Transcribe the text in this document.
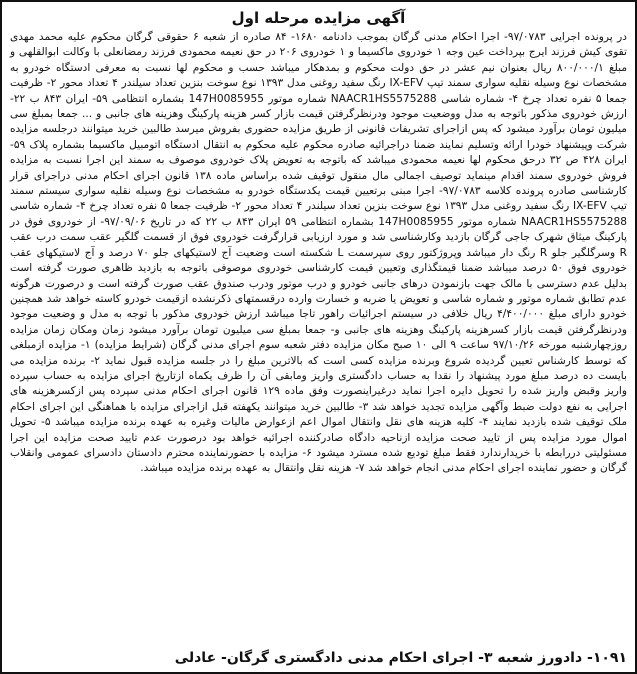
آگهی مزایده مرحله اول

در پرونده اجرایی ۹۷/۰۷۸۳- اجرا احکام مدنی گرگان بموجب دادنامه ۱۶۸۰- ۸۴ صادره از شعبه ۶ حقوقی گرگان محکوم علیه محمد مهدی تقوی کیش فرزند ایرج بپرداخت عین وجه ۱ خودروی ماکسیما و ۱ خودروی ۲۰۶ در حق نعیمه محمودی فرزند رمضانعلی با وکالت ابوالقلهی و مبلغ ۸۰۰/۰۰۰/۱ ریال بعنوان نیم عشر در حق دولت محکوم و بمدهکار میباشد حسب و محکوم لها نسبت به معرفی ادستگاه خودرو به مشخصات نوع وسیله نقلیه سواری سمند تیپ IX-EFV رنگ سفید روغنی مدل ۱۳۹۳ نوع سوخت بنزین تعداد سیلندر ۴ تعداد محور ۲- ظرفیت جمعا ۵ نفره تعداد چرخ ۴- شماره شاسی NAACR1HS5575288 شماره موتور 147H0085955 بشماره انتظامی ۵۹- ایران ۸۴۳ ب ۲۲- ارزش خودروی مذکور باتوجه به مدل ووضعیت موجود ودرنظرگرفتن قیمت بازار کسر هزینه پارکینگ وهزینه های جانبی و ... جمعا بمبلغ سی میلیون تومان برآورد میشود که پس ازاجرای تشریفات قانونی از طریق مزایده حضوری بفروش میرسد طالبین خرید میتوانند درجلسه مزایده شرکت وپیشنهاد خودرا ارائه وتسلیم نمایند ضمنا دراجرائیه صادره محکوم علیه محکوم به انتقال ادستگاه اتومبیل ماکسیما بشماره پلاک ۵۹- ایران ۴۲۸ ص ۳۲ درحق محکوم لها نعیمه محمودی میباشد که باتوجه به تعویض پلاک خودروی موصوف به سمند این اجرا نسبت به مزایده فروش خودروی سمند اقدام مینماید توصیف اجمالی مال منقول توقیف شده براساس ماده ۱۳۸ قانون اجرای احکام مدنی دراجرای قرار کارشناسی صادره پرونده کلاسه ۹۷/۰۷۸۳- اجرا مبنی برتعیین قیمت یکدستگاه خودرو به مشخصات نوع وسیله نقلیه سواری سیستم سمند تیپ IX-EFV رنگ سفید روغنی مدل ۱۳۹۳ نوع سوخت بنزین تعداد سیلندر ۴ تعداد محور ۲- ظرفیت جمعا ۵ نفره تعداد چرخ ۴- شماره شاسی NAACR1HS5575288 شماره موتور 147H0085955 بشماره انتظامی ۵۹ ایران ۸۴۳ ب ۲۲ که در تاریخ ۹۷/۰۹/۰۶- از خودروی فوق در پارکینگ میثاق شهرک جاجی گرگان بازدید وکارشناسی شد و مورد ارزیابی قرارگرفت خودروی فوق از قسمت گلگیر عقب سمت درب عقب R وسرگلگیر جلو R رنگ دار میباشد وپروژکتور روی سپرسمت L شکسته است وضعیت آج لاستیکهای جلو ۷۰ درصد و آج لاستیکهای عقب خودروی فوق ۵۰ درصد میباشد ضمنا قیمتگذاری وتعیین قیمت کارشناسی خودروی موصوفی باتوجه به بازدید ظاهری صورت گرفته است بدلیل عدم دسترسی با مالک جهت بازنمودن درهای جانبی خودرو و درب موتور ودرب صندوق عقب صورت گرفته است و درصورت هرگونه عدم تطابق شماره موتور و شماره شاسی و تعویض یا ضربه و خسارت وارده درقسمتهای ذکرنشده ازقیمت خودرو کاسته خواهد شد همچنین خودرو دارای مبلغ ۴/۴۰۰/۰۰۰ ریال خلافی در سیستم اجرائیات راهور تاجا میباشد ارزش خودروی مذکور با توجه به مدل و وضعیت موجود ودرنظرگرفتن قیمت بازار کسرهزینه پارکینگ وهزینه های جانبی و- جمعا بمبلغ سی میلیون تومان برآورد میشود زمان ومکان زمان مزایده روزچهارشنبه مورخه ۹۷/۱۰/۲۶ ساعت ۹ الی ۱۰ صبح مکان مزایده دفتر شعبه سوم اجرای مدنی گرگان (شرایط مزایده) ۱- مزایده ازمبلغی که توسط کارشناس تعیین گردیده شروع وبرنده مزایده کسی است که بالاترین مبلغ را در جلسه مزایده قبول نماید ۲- برنده مزایده می بایست ده درصد مبلغ مورد پیشنهاد را نقدا به حساب دادگستری واریز ومابقی آن را ظرف یکماه ازتاریخ اجرای مزایده به حساب سپرده واریز وقبض واریز شده را تحویل دایره اجرا نماید درغیراینصورت وفق ماده ۱۲۹ قانون اجرای احکام مدنی سپرده پس ازکسرهزینه های اجرایی به نفع دولت ضبط وآگهی مزایده تجدید خواهد شد ۳- طالبین خرید میتوانند یکهفته قبل ازاجرای مزایده با هماهنگی این اجرای احکام ملک توقیف شده بازدید نمایند ۴- کلیه هزینه های نقل وانتقال اموال اعم ازعوارض مالیات وغیره به عهده برنده مزایده میباشد ۵- تحویل اموال مورد مزایده پس از تایید صحت مزایده ازناحیه دادگاه صادرکننده اجرائیه خواهد بود درصورت عدم تایید صحت مزایده این اجرا مسئولیتی دررابطه با خریدارندارد فقط مبلغ تودیع شده مسترد میشود ۶- مزایده با حضورنماینده محترم دادستان دادسرای عمومی وانقلاب گرگان و حضور نماینده اجرای احکام مدنی انجام خواهد شد ۷- هزینه نقل وانتقال به عهده برنده مزایده میباشد.

۱۰۹۱- دادورز شعبه ۳- اجرای احکام مدنی دادگستری گرگان- عادلی
